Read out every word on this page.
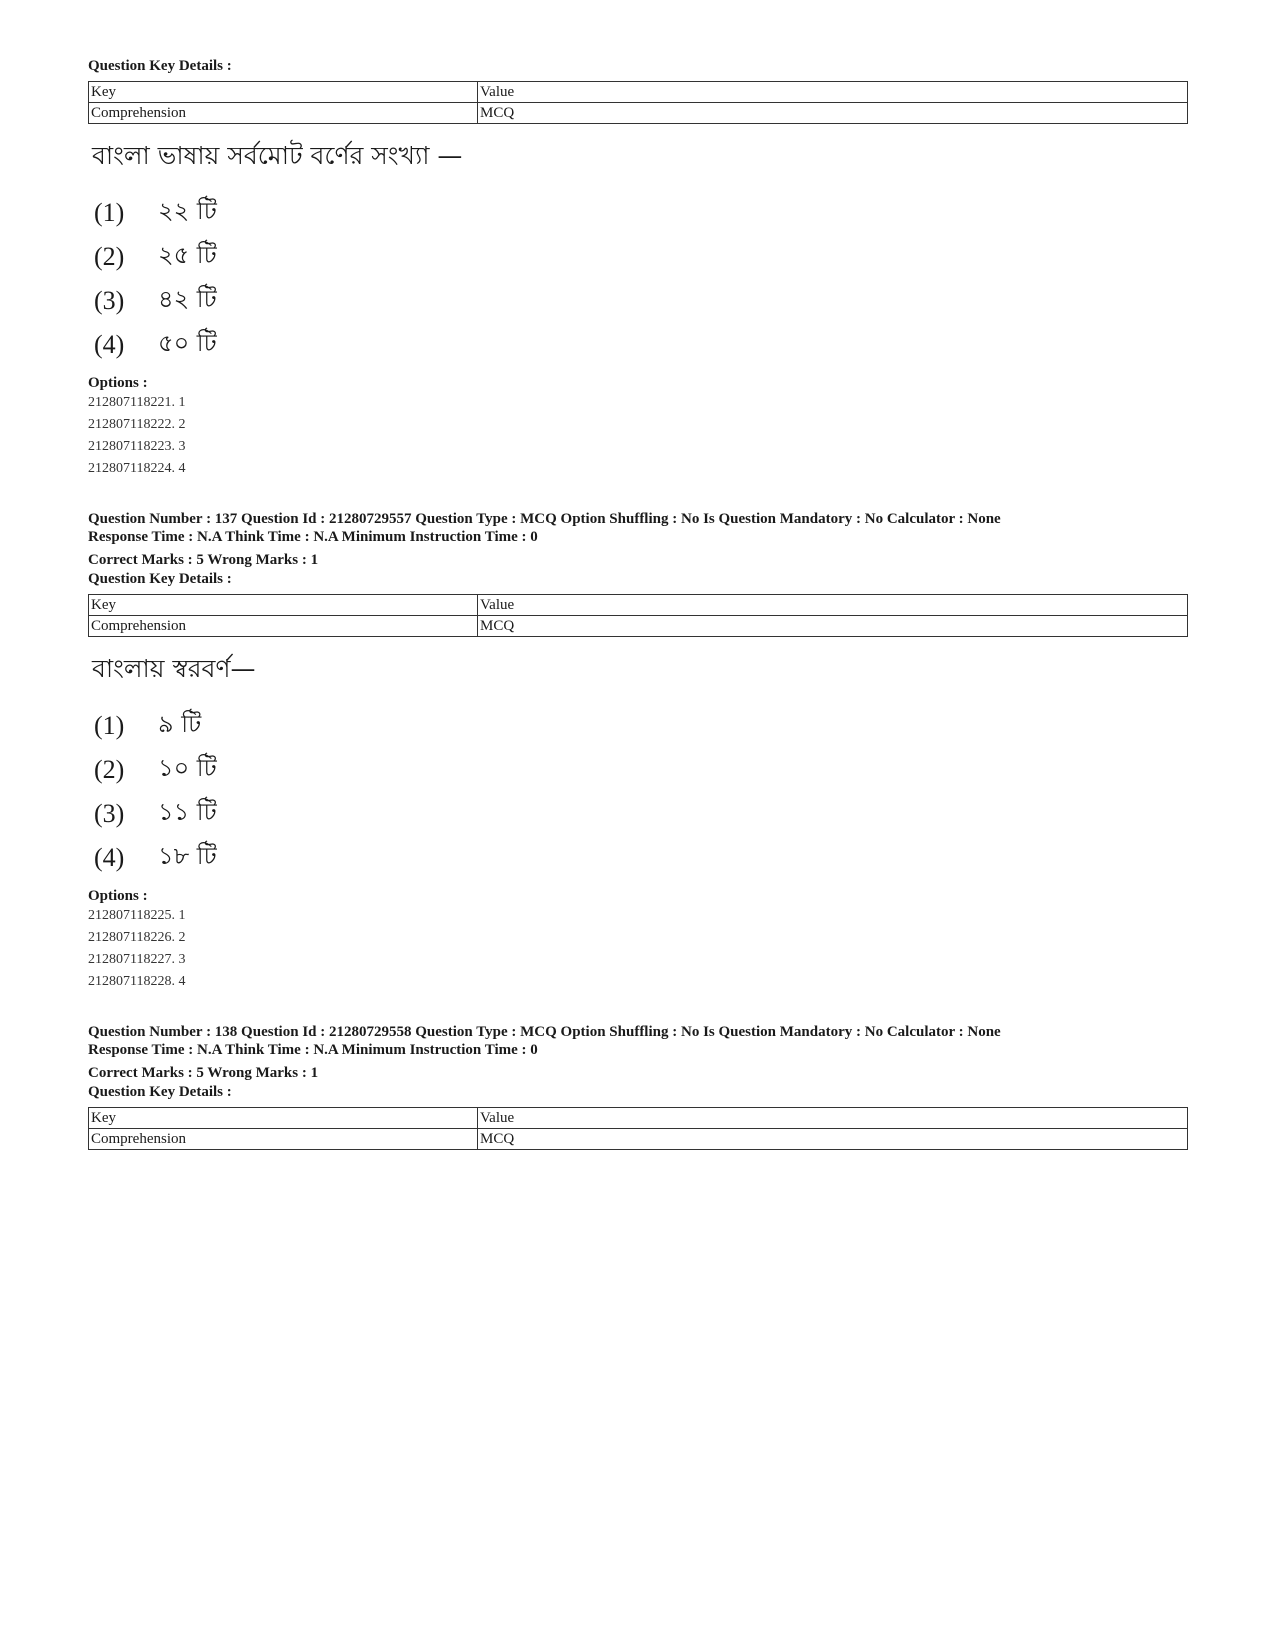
Question Key Details :
Key	Value
Comprehension	MCQ
বাংলা ভাষায় সর্বমোট বর্ণের সংখ্যা —
(1)	২২ টি
(2)	২৫ টি
(3)	৪২ টি
(4)	৫০ টি
Options :
212807118221. 1
212807118222. 2
212807118223. 3
212807118224. 4
Question Number : 137 Question Id : 21280729557 Question Type : MCQ Option Shuffling : No Is Question Mandatory : No Calculator : None
Response Time : N.A Think Time : N.A Minimum Instruction Time : 0
Correct Marks : 5 Wrong Marks : 1
Question Key Details :
Key	Value
Comprehension	MCQ
বাংলায় স্বরবর্ণ—
(1)	৯ টি
(2)	১০ টি
(3)	১১ টি
(4)	১৮ টি
Options :
212807118225. 1
212807118226. 2
212807118227. 3
212807118228. 4
Question Number : 138 Question Id : 21280729558 Question Type : MCQ Option Shuffling : No Is Question Mandatory : No Calculator : None
Response Time : N.A Think Time : N.A Minimum Instruction Time : 0
Correct Marks : 5 Wrong Marks : 1
Question Key Details :
Key	Value
Comprehension	MCQ
